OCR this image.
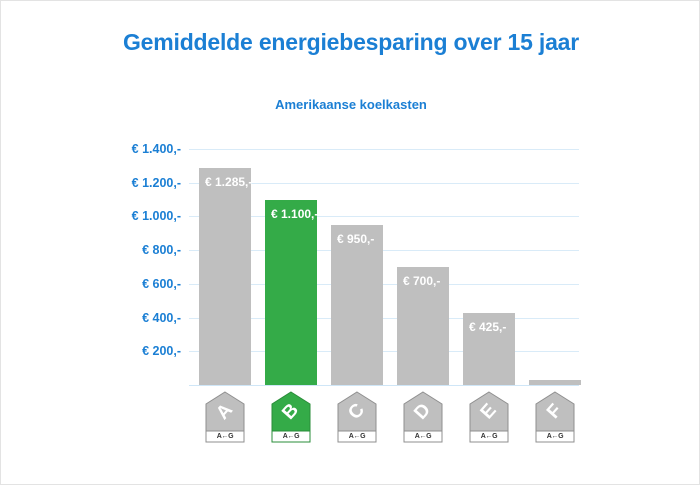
Gemiddelde energiebesparing over 15 jaar
Amerikaanse koelkasten
€ 1.400,-
€ 1.200,-
€ 1.000,-
€ 800,-
€ 600,-
€ 400,-
€ 200,-
€ 1.285,-
€ 1.100,-
€ 950,-
€ 700,-
€ 425,-
A
A←G
B
A←G
C
A←G
D
A←G
E
A←G
F
A←G
